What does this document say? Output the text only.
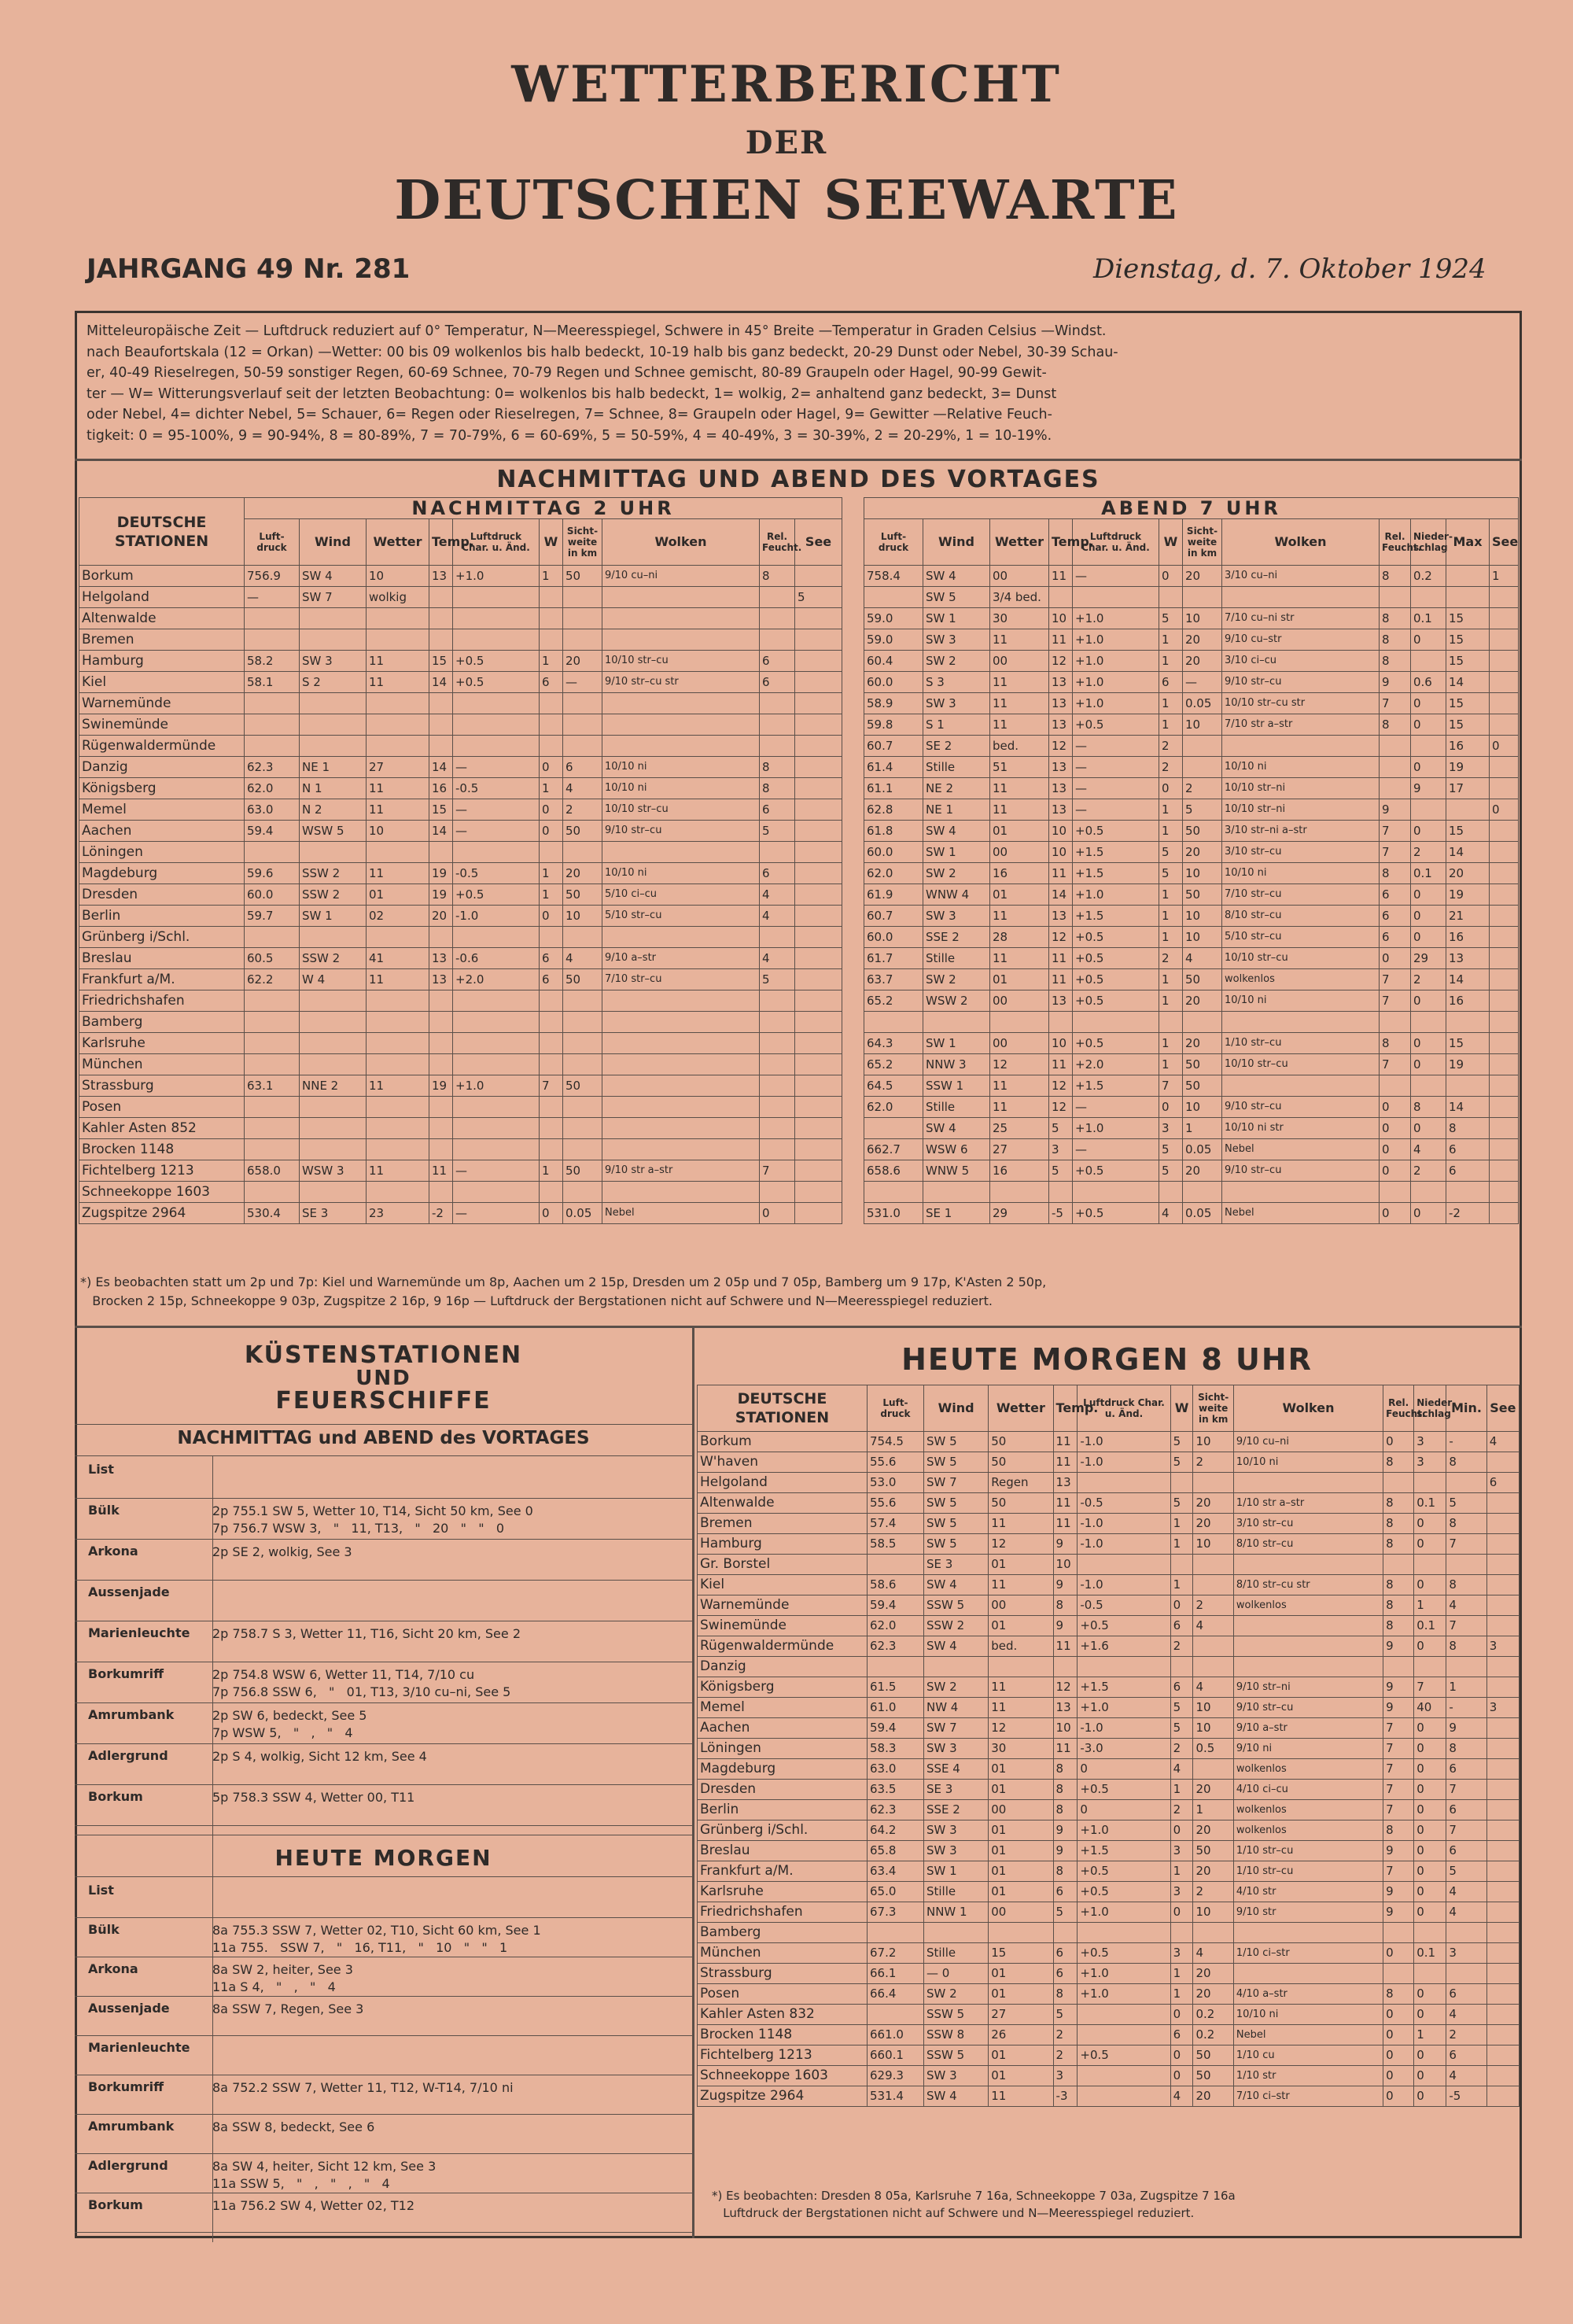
WETTERBERICHT
DER
DEUTSCHEN SEEWARTE
JAHRGANG 49 Nr. 281	Dienstag, d. 7. Oktober 1924
Mitteleuropäische Zeit — Luftdruck reduziert auf 0° Temperatur, N—Meeresspiegel, Schwere in 45° Breite —Temperatur in Graden Celsius —Windst.
nach Beaufortskala (12 = Orkan) —Wetter: 00 bis 09 wolkenlos bis halb bedeckt, 10-19 halb bis ganz bedeckt, 20-29 Dunst oder Nebel, 30-39 Schau-
er, 40-49 Rieselregen, 50-59 sonstiger Regen, 60-69 Schnee, 70-79 Regen und Schnee gemischt, 80-89 Graupeln oder Hagel, 90-99 Gewit-
ter — W= Witterungsverlauf seit der letzten Beobachtung: 0= wolkenlos bis halb bedeckt, 1= wolkig, 2= anhaltend ganz bedeckt, 3= Dunst
oder Nebel, 4= dichter Nebel, 5= Schauer, 6= Regen oder Rieselregen, 7= Schnee, 8= Graupeln oder Hagel, 9= Gewitter —Relative Feuch-
tigkeit: 0 = 95-100%, 9 = 90-94%, 8 = 80-89%, 7 = 70-79%, 6 = 60-69%, 5 = 50-59%, 4 = 40-49%, 3 = 30-39%, 2 = 20-29%, 1 = 10-19%.
NACHMITTAG UND ABEND DES VORTAGES
DEUTSCHE STATIONEN	NACHMITTAG 2 UHR									
	Luft-druck	Wind	Wetter	Temp.	Luftdruck Char. u. Änd.	W	Sicht-weite in km	Wolken	Rel. Feucht.	See
Borkum	756.9	SW 4	10	13	+1.0	1	50	9/10 cu–ni	8	
Helgoland	—	SW 7	wolkig							5
Altenwalde										
Bremen										
Hamburg	58.2	SW 3	11	15	+0.5	1	20	10/10 str–cu	6	
Kiel	58.1	S 2	11	14	+0.5	6	—	9/10 str–cu str	6	
Warnemünde										
Swinemünde										
Rügenwaldermünde										
Danzig	62.3	NE 1	27	14	—	0	6	10/10 ni	8	
Königsberg	62.0	N 1	11	16	-0.5	1	4	10/10 ni	8	
Memel	63.0	N 2	11	15	—	0	2	10/10 str–cu	6	
Aachen	59.4	WSW 5	10	14	—	0	50	9/10 str–cu	5	
Löningen										
Magdeburg	59.6	SSW 2	11	19	-0.5	1	20	10/10 ni	6	
Dresden	60.0	SSW 2	01	19	+0.5	1	50	5/10 ci–cu	4	
Berlin	59.7	SW 1	02	20	-1.0	0	10	5/10 str–cu	4	
Grünberg i/Schl.										
Breslau	60.5	SSW 2	41	13	-0.6	6	4	9/10 a–str	4	
Frankfurt a/M.	62.2	W 4	11	13	+2.0	6	50	7/10 str–cu	5	
Friedrichshafen										
Bamberg										
Karlsruhe										
München										
Strassburg	63.1	NNE 2	11	19	+1.0	7	50			
Posen										
Kahler Asten 852										
Brocken 1148										
Fichtelberg 1213	658.0	WSW 3	11	11	—	1	50	9/10 str a–str	7	
Schneekoppe 1603										
Zugspitze 2964	530.4	SE 3	23	-2	—	0	0.05	Nebel	0	
ABEND 7 UHR											
Luft-druck	Wind	Wetter	Temp.	Luftdruck Char. u. Änd.	W	Sicht-weite in km	Wolken	Rel. Feucht.	Nieder-schlag	Max	See
758.4	SW 4	00	11	—	0	20	3/10 cu–ni	8	0.2		1
	SW 5	3/4 bed.									
59.0	SW 1	30	10	+1.0	5	10	7/10 cu–ni str	8	0.1	15	
59.0	SW 3	11	11	+1.0	1	20	9/10 cu–str	8	0	15	
60.4	SW 2	00	12	+1.0	1	20	3/10 ci–cu	8		15	
60.0	S 3	11	13	+1.0	6	—	9/10 str–cu	9	0.6	14	
58.9	SW 3	11	13	+1.0	1	0.05	10/10 str–cu str	7	0	15	
59.8	S 1	11	13	+0.5	1	10	7/10 str a–str	8	0	15	
60.7	SE 2	bed.	12	—	2					16	0
61.4	Stille	51	13	—	2		10/10 ni		0	19	
61.1	NE 2	11	13	—	0	2	10/10 str–ni		9	17	
62.8	NE 1	11	13	—	1	5	10/10 str–ni	9			0
61.8	SW 4	01	10	+0.5	1	50	3/10 str–ni a–str	7	0	15	
60.0	SW 1	00	10	+1.5	5	20	3/10 str–cu	7	2	14	
62.0	SW 2	16	11	+1.5	5	10	10/10 ni	8	0.1	20	
61.9	WNW 4	01	14	+1.0	1	50	7/10 str–cu	6	0	19	
60.7	SW 3	11	13	+1.5	1	10	8/10 str–cu	6	0	21	
60.0	SSE 2	28	12	+0.5	1	10	5/10 str–cu	6	0	16	
61.7	Stille	11	11	+0.5	2	4	10/10 str–cu	0	29	13	
63.7	SW 2	01	11	+0.5	1	50	wolkenlos	7	2	14	
65.2	WSW 2	00	13	+0.5	1	20	10/10 ni	7	0	16	

64.3	SW 1	00	10	+0.5	1	20	1/10 str–cu	8	0	15	
65.2	NNW 3	12	11	+2.0	1	50	10/10 str–cu	7	0	19	
64.5	SSW 1	11	12	+1.5	7	50					
62.0	Stille	11	12	—	0	10	9/10 str–cu	0	8	14	
	SW 4	25	5	+1.0	3	1	10/10 ni str	0	0	8	
662.7	WSW 6	27	3	—	5	0.05	Nebel	0	4	6	
658.6	WNW 5	16	5	+0.5	5	20	9/10 str–cu	0	2	6	

531.0	SE 1	29	-5	+0.5	4	0.05	Nebel	0	0	-2	
*) Es beobachten statt um 2p und 7p: Kiel und Warnemünde um 8p, Aachen um 2 15p, Dresden um 2 05p und 7 05p, Bamberg um 9 17p, K'Asten 2 50p,
Brocken 2 15p, Schneekoppe 9 03p, Zugspitze 2 16p, 9 16p — Luftdruck der Bergstationen nicht auf Schwere und N—Meeresspiegel reduziert.
KÜSTENSTATIONEN
UND
FEUERSCHIFFE
NACHMITTAG und ABEND des VORTAGES
List
Bülk	2p 755.1 SW 5, Wetter 10, T14, Sicht 50 km, See 0
7p 756.7 WSW 3,   "   11, T13,   "   20   "   "   0
Arkona	2p SE 2, wolkig, See 3
Aussenjade
Marienleuchte 2p 758.7 S 3, Wetter 11, T16, Sicht 20 km, See 2
Borkumriff	2p 754.8 WSW 6, Wetter 11, T14, 7/10 cu
7p 756.8 SSW 6,   "   01, T13, 3/10 cu–ni, See 5
Amrumbank	2p SW 6, bedeckt, See 5
7p WSW 5,   "   ,   "   4
Adlergrund	2p S 4, wolkig, Sicht 12 km, See 4
Borkum	5p 758.3 SSW 4, Wetter 00, T11
HEUTE MORGEN
List
Bülk	8a 755.3 SSW 7, Wetter 02, T10, Sicht 60 km, See 1
11a 755.   SSW 7,   "   16, T11,   "   10   "   "   1
Arkona	8a SW 2, heiter, See 3
11a S 4,   "   ,   "   4
Aussenjade	8a SSW 7, Regen, See 3
Marienleuchte
Borkumriff	8a 752.2 SSW 7, Wetter 11, T12, W-T14, 7/10 ni
Amrumbank	8a SSW 8, bedeckt, See 6
Adlergrund	8a SW 4, heiter, Sicht 12 km, See 3
11a SSW 5,   "   ,   "   ,   "   4
Borkum	11a 756.2 SW 4, Wetter 02, T12
HEUTE MORGEN 8 UHR
DEUTSCHE STATIONEN	Luft-druck	Wind	Wetter	Temp.	Luftdruck Char. u. Änd.	W	Sicht-weite in km	Wolken	Rel. Feucht.	Nieder-schlag	Min.	See
Borkum	754.5	SW 5	50	11	-1.0	5	10	9/10 cu–ni	0	3	-	4
W'haven	55.6	SW 5	50	11	-1.0	5	2	10/10 ni	8	3	8	
Helgoland	53.0	SW 7	Regen	13								6
Altenwalde	55.6	SW 5	50	11	-0.5	5	20	1/10 str a–str	8	0.1	5	
Bremen	57.4	SW 5	11	11	-1.0	1	20	3/10 str–cu	8	0	8	
Hamburg	58.5	SW 5	12	9	-1.0	1	10	8/10 str–cu	8	0	7	
Gr. Borstel		SE 3	01	10								
Kiel	58.6	SW 4	11	9	-1.0	1		8/10 str–cu str	8	0	8	
Warnemünde	59.4	SSW 5	00	8	-0.5	0	2	wolkenlos	8	1	4	
Swinemünde	62.0	SSW 2	01	9	+0.5	6	4		8	0.1	7	
Rügenwaldermünde	62.3	SW 4	bed.	11	+1.6	2			9	0	8	3
Danzig												
Königsberg	61.5	SW 2	11	12	+1.5	6	4	9/10 str–ni	9	7	1	
Memel	61.0	NW 4	11	13	+1.0	5	10	9/10 str–cu	9	40	-	3
Aachen	59.4	SW 7	12	10	-1.0	5	10	9/10 a–str	7	0	9	
Löningen	58.3	SW 3	30	11	-3.0	2	0.5	9/10 ni	7	0	8	
Magdeburg	63.0	SSE 4	01	8	0	4		wolkenlos	7	0	6	
Dresden	63.5	SE 3	01	8	+0.5	1	20	4/10 ci–cu	7	0	7	
Berlin	62.3	SSE 2	00	8	0	2	1	wolkenlos	7	0	6	
Grünberg i/Schl.	64.2	SW 3	01	9	+1.0	0	20	wolkenlos	8	0	7	
Breslau	65.8	SW 3	01	9	+1.5	3	50	1/10 str–cu	9	0	6	
Frankfurt a/M.	63.4	SW 1	01	8	+0.5	1	20	1/10 str–cu	7	0	5	
Karlsruhe	65.0	Stille	01	6	+0.5	3	2	4/10 str	9	0	4	
Friedrichshafen	67.3	NNW 1	00	5	+1.0	0	10	9/10 str	9	0	4	
Bamberg												
München	67.2	Stille	15	6	+0.5	3	4	1/10 ci–str	0	0.1	3	
Strassburg	66.1	— 0	01	6	+1.0	1	20					
Posen	66.4	SW 2	01	8	+1.0	1	20	4/10 a–str	8	0	6	
Kahler Asten 832		SSW 5	27	5		0	0.2	10/10 ni	0	0	4	
Brocken 1148	661.0	SSW 8	26	2		6	0.2	Nebel	0	1	2	
Fichtelberg 1213	660.1	SSW 5	01	2	+0.5	0	50	1/10 cu	0	0	6	
Schneekoppe 1603	629.3	SW 3	01	3		0	50	1/10 str	0	0	4	
Zugspitze 2964	531.4	SW 4	11	-3		4	20	7/10 ci–str	0	0	-5	
*) Es beobachten: Dresden 8 05a, Karlsruhe 7 16a, Schneekoppe 7 03a, Zugspitze 7 16a
Luftdruck der Bergstationen nicht auf Schwere und N—Meeresspiegel reduziert.
